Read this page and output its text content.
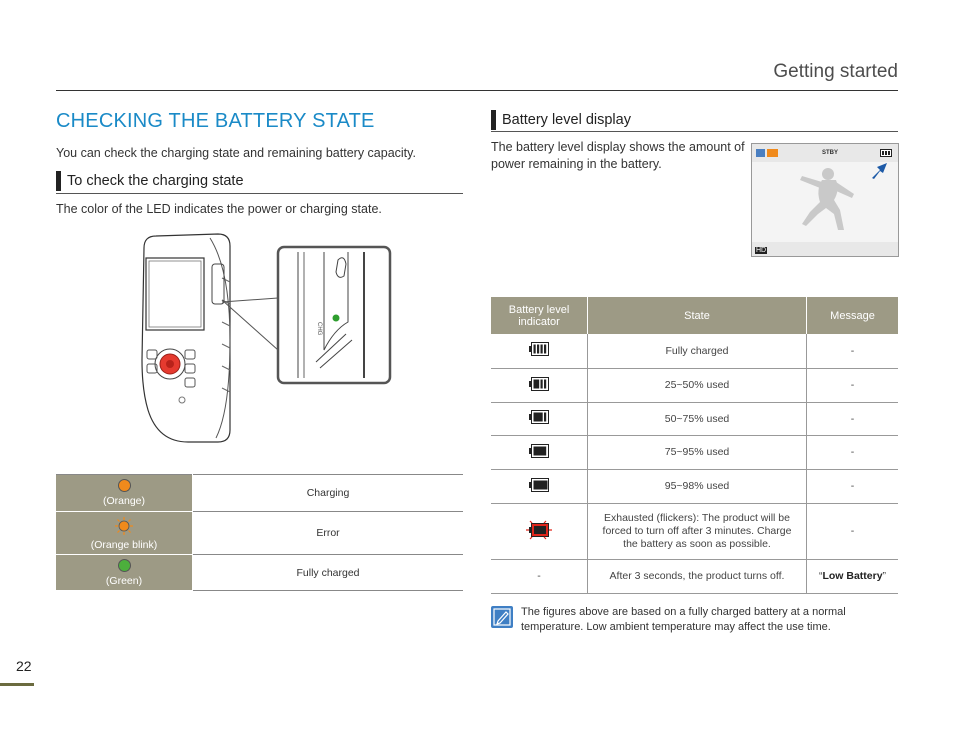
Getting started
CHECKING THE BATTERY STATE
You can check the charging state and remaining battery capacity.
To check the charging state
The color of the LED indicates the power or charging state.
CHG

(Orange)	Charging

(Orange blink)	Error

(Green)	Fully charged
Battery level display
The battery level display shows the amount of power remaining in the battery.
STBY
HD
Battery level indicator	State	Message
	Fully charged	-
	25~50% used	-
	50~75% used	-
	75~95% used	-
	95~98% used	-
	Exhausted (flickers): The product will be forced to turn off after 3 minutes. Charge the battery as soon as possible.	-
-	After 3 seconds, the product turns off.	“Low Battery”
The figures above are based on a fully charged battery at a normal temperature. Low ambient temperature may affect the use time.
22
